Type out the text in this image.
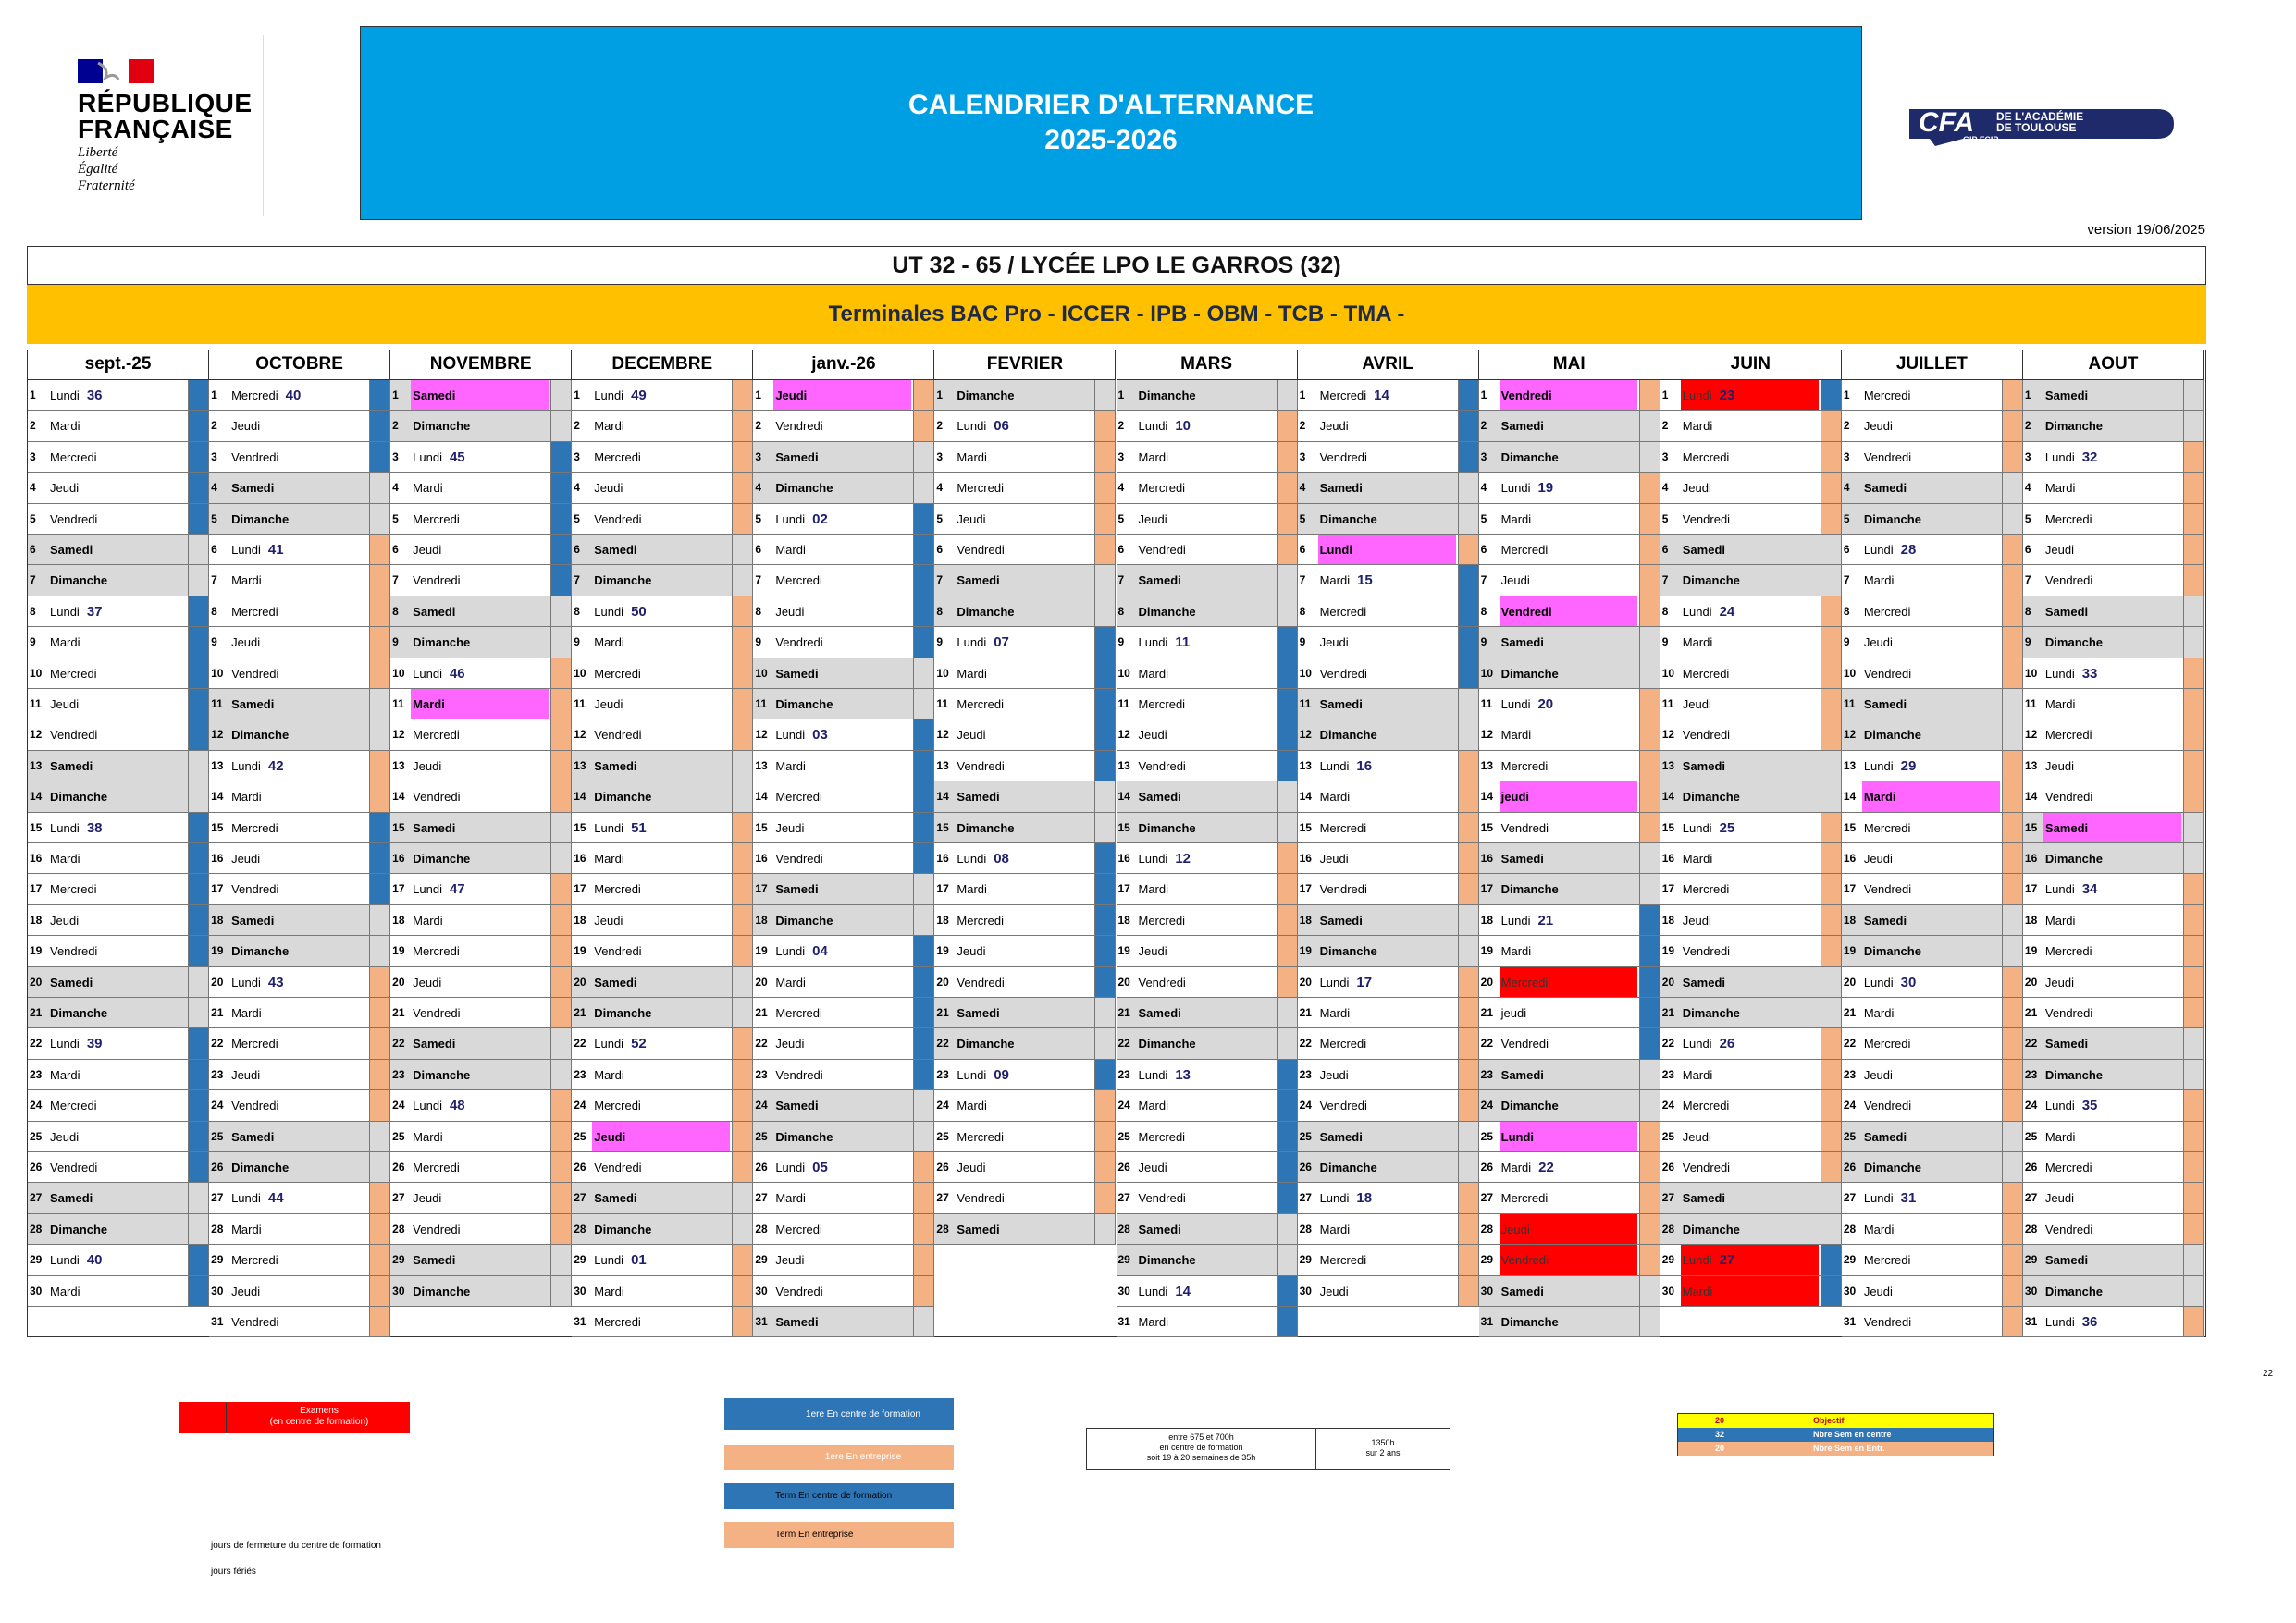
RÉPUBLIQUE
FRANÇAISE
Liberté
Égalité
Fraternité
CALENDRIER D'ALTERNANCE
2025-2026
CFA DE L'ACADÉMIE
DE TOULOUSE
GIP FCIP
version 19/06/2025
UT 32 - 65 / LYCÉE LPO LE GARROS (32)
Terminales BAC Pro - ICCER - IPB - OBM - TCB - TMA -
sept.-25
1	Lundi 36
2	Mardi
3	Mercredi
4	Jeudi
5	Vendredi
6	Samedi
7	Dimanche
8	Lundi 37
9	Mardi
10 Mercredi
11 Jeudi
12 Vendredi
13 Samedi
14 Dimanche
15 Lundi 38
16 Mardi
17 Mercredi
18 Jeudi
19 Vendredi
20 Samedi
21 Dimanche
22 Lundi 39
23 Mardi
24 Mercredi
25 Jeudi
26 Vendredi
27 Samedi
28 Dimanche
29 Lundi 40
30 Mardi
OCTOBRE
1	Mercredi 40
2	Jeudi
3	Vendredi
4	Samedi
5	Dimanche
6	Lundi 41
7	Mardi
8	Mercredi
9	Jeudi
10 Vendredi
11 Samedi
12 Dimanche
13 Lundi 42
14 Mardi
15 Mercredi
16 Jeudi
17 Vendredi
18 Samedi
19 Dimanche
20 Lundi 43
21 Mardi
22 Mercredi
23 Jeudi
24 Vendredi
25 Samedi
26 Dimanche
27 Lundi 44
28 Mardi
29 Mercredi
30 Jeudi
31 Vendredi
NOVEMBRE
1	Samedi
2	Dimanche
3	Lundi 45
4	Mardi
5	Mercredi
6	Jeudi
7	Vendredi
8	Samedi
9	Dimanche
10 Lundi 46
11 Mardi
12 Mercredi
13 Jeudi
14 Vendredi
15 Samedi
16 Dimanche
17 Lundi 47
18 Mardi
19 Mercredi
20 Jeudi
21 Vendredi
22 Samedi
23 Dimanche
24 Lundi 48
25 Mardi
26 Mercredi
27 Jeudi
28 Vendredi
29 Samedi
30 Dimanche
DECEMBRE
1	Lundi 49
2	Mardi
3	Mercredi
4	Jeudi
5	Vendredi
6	Samedi
7	Dimanche
8	Lundi 50
9	Mardi
10 Mercredi
11 Jeudi
12 Vendredi
13 Samedi
14 Dimanche
15 Lundi 51
16 Mardi
17 Mercredi
18 Jeudi
19 Vendredi
20 Samedi
21 Dimanche
22 Lundi 52
23 Mardi
24 Mercredi
25 Jeudi
26 Vendredi
27 Samedi
28 Dimanche
29 Lundi 01
30 Mardi
31 Mercredi
janv.-26
1	Jeudi
2	Vendredi
3	Samedi
4	Dimanche
5	Lundi 02
6	Mardi
7	Mercredi
8	Jeudi
9	Vendredi
10 Samedi
11 Dimanche
12 Lundi 03
13 Mardi
14 Mercredi
15 Jeudi
16 Vendredi
17 Samedi
18 Dimanche
19 Lundi 04
20 Mardi
21 Mercredi
22 Jeudi
23 Vendredi
24 Samedi
25 Dimanche
26 Lundi 05
27 Mardi
28 Mercredi
29 Jeudi
30 Vendredi
31 Samedi
FEVRIER
1	Dimanche
2	Lundi 06
3	Mardi
4	Mercredi
5	Jeudi
6	Vendredi
7	Samedi
8	Dimanche
9	Lundi 07
10 Mardi
11 Mercredi
12 Jeudi
13 Vendredi
14 Samedi
15 Dimanche
16 Lundi 08
17 Mardi
18 Mercredi
19 Jeudi
20 Vendredi
21 Samedi
22 Dimanche
23 Lundi 09
24 Mardi
25 Mercredi
26 Jeudi
27 Vendredi
28 Samedi
MARS
1	Dimanche
2	Lundi 10
3	Mardi
4	Mercredi
5	Jeudi
6	Vendredi
7	Samedi
8	Dimanche
9	Lundi 11
10 Mardi
11 Mercredi
12 Jeudi
13 Vendredi
14 Samedi
15 Dimanche
16 Lundi 12
17 Mardi
18 Mercredi
19 Jeudi
20 Vendredi
21 Samedi
22 Dimanche
23 Lundi 13
24 Mardi
25 Mercredi
26 Jeudi
27 Vendredi
28 Samedi
29 Dimanche
30 Lundi 14
31 Mardi
AVRIL
1	Mercredi 14
2	Jeudi
3	Vendredi
4	Samedi
5	Dimanche
6	Lundi
7	Mardi 15
8	Mercredi
9	Jeudi
10 Vendredi
11 Samedi
12 Dimanche
13 Lundi 16
14 Mardi
15 Mercredi
16 Jeudi
17 Vendredi
18 Samedi
19 Dimanche
20 Lundi 17
21 Mardi
22 Mercredi
23 Jeudi
24 Vendredi
25 Samedi
26 Dimanche
27 Lundi 18
28 Mardi
29 Mercredi
30 Jeudi
MAI
1	Vendredi
2	Samedi
3	Dimanche
4	Lundi 19
5	Mardi
6	Mercredi
7	Jeudi
8	Vendredi
9	Samedi
10 Dimanche
11 Lundi 20
12 Mardi
13 Mercredi
14 jeudi
15 Vendredi
16 Samedi
17 Dimanche
18 Lundi 21
19 Mardi
20 Mercredi
21 jeudi
22 Vendredi
23 Samedi
24 Dimanche
25 Lundi
26 Mardi 22
27 Mercredi
28 Jeudi
29 Vendredi
30 Samedi
31 Dimanche
JUIN
1	Lundi 23
2	Mardi
3	Mercredi
4	Jeudi
5	Vendredi
6	Samedi
7	Dimanche
8	Lundi 24
9	Mardi
10 Mercredi
11 Jeudi
12 Vendredi
13 Samedi
14 Dimanche
15 Lundi 25
16 Mardi
17 Mercredi
18 Jeudi
19 Vendredi
20 Samedi
21 Dimanche
22 Lundi 26
23 Mardi
24 Mercredi
25 Jeudi
26 Vendredi
27 Samedi
28 Dimanche
29 Lundi 27
30 Mardi
JUILLET
1	Mercredi
2	Jeudi
3	Vendredi
4	Samedi
5	Dimanche
6	Lundi 28
7	Mardi
8	Mercredi
9	Jeudi
10 Vendredi
11 Samedi
12 Dimanche
13 Lundi 29
14 Mardi
15 Mercredi
16 Jeudi
17 Vendredi
18 Samedi
19 Dimanche
20 Lundi 30
21 Mardi
22 Mercredi
23 Jeudi
24 Vendredi
25 Samedi
26 Dimanche
27 Lundi 31
28 Mardi
29 Mercredi
30 Jeudi
31 Vendredi
AOUT
1	Samedi
2	Dimanche
3	Lundi 32
4	Mardi
5	Mercredi
6	Jeudi
7	Vendredi
8	Samedi
9	Dimanche
10 Lundi 33
11 Mardi
12 Mercredi
13 Jeudi
14 Vendredi
15 Samedi
16 Dimanche
17 Lundi 34
18 Mardi
19 Mercredi
20 Jeudi
21 Vendredi
22 Samedi
23 Dimanche
24 Lundi 35
25 Mardi
26 Mercredi
27 Jeudi
28 Vendredi
29 Samedi
30 Dimanche
31 Lundi 36
Examens
(en centre de formation)
1ere En centre de formation
1ere En entreprise
Term En centre de formation
Term En entreprise
entre 675 et 700h
en centre de formation
soit 19 à 20 semaines de 35h
1350h
sur 2 ans
20	Objectif
32	Nbre Sem en centre
20	Nbre Sem en Entr.
22
jours de fermeture du centre de formation
jours fériés
